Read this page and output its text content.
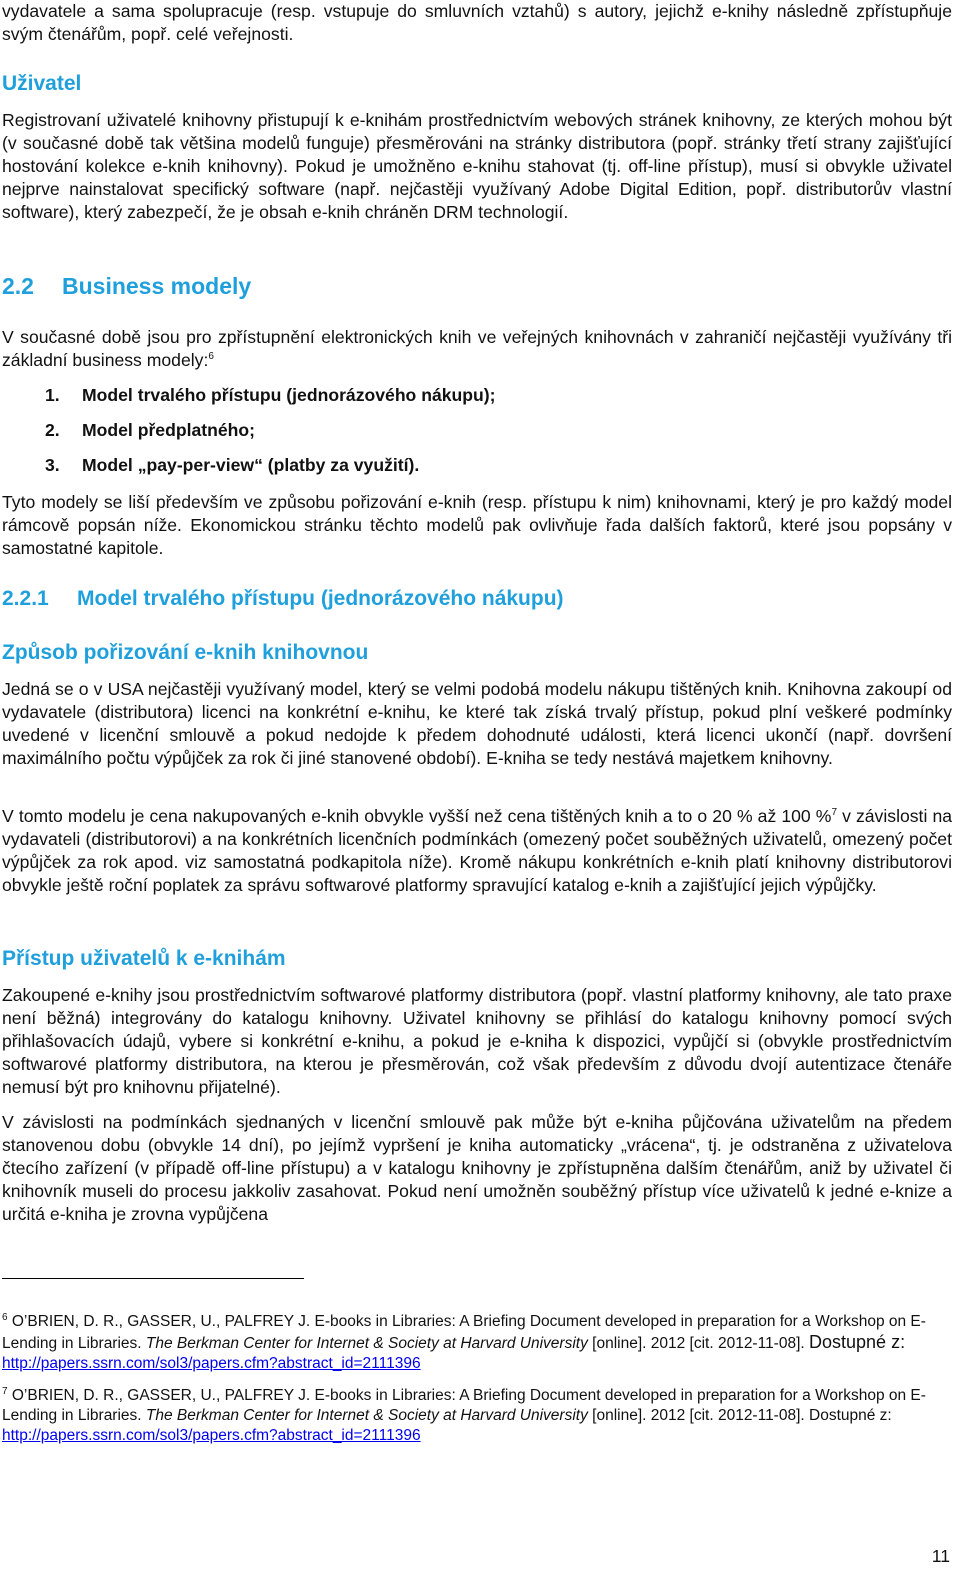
vydavatele a sama spolupracuje (resp. vstupuje do smluvních vztahů) s autory, jejichž e-knihy následně zpřístupňuje svým čtenářům, popř. celé veřejnosti.

Uživatel

Registrovaní uživatelé knihovny přistupují k e-knihám prostřednictvím webových stránek knihovny, ze kterých mohou být (v současné době tak většina modelů funguje) přesměrováni na stránky distributora (popř. stránky třetí strany zajišťující hostování kolekce e-knih knihovny). Pokud je umožněno e-knihu stahovat (tj. off-line přístup), musí si obvykle uživatel nejprve nainstalovat specifický software (např. nejčastěji využívaný Adobe Digital Edition, popř. distributorův vlastní software), který zabezpečí, že je obsah e-knih chráněn DRM technologií.

2.2 Business modely

V současné době jsou pro zpřístupnění elektronických knih ve veřejných knihovnách v zahraničí nejčastěji využívány tři základní business modely:$^6$

1. Model trvalého přístupu (jednorázového nákupu);
2. Model předplatného;
3. Model „pay-per-view“ (platby za využití).

Tyto modely se liší především ve způsobu pořizování e-knih (resp. přístupu k nim) knihovnami, který je pro každý model rámcově popsán níže. Ekonomickou stránku těchto modelů pak ovlivňuje řada dalších faktorů, které jsou popsány v samostatné kapitole.

2.2.1 Model trvalého přístupu (jednorázového nákupu)
Způsob pořizování e-knih knihovnou

Jedná se o v USA nejčastěji využívaný model, který se velmi podobá modelu nákupu tištěných knih. Knihovna zakoupí od vydavatele (distributora) licenci na konkrétní e-knihu, ke které tak získá trvalý přístup, pokud plní veškeré podmínky uvedené v licenční smlouvě a pokud nedojde k předem dohodnuté události, která licenci ukončí (např. dovršení maximálního počtu výpůjček za rok či jiné stanovené období). E-kniha se tedy nestává majetkem knihovny.

V tomto modelu je cena nakupovaných e-knih obvykle vyšší než cena tištěných knih a to o 20 % až 100 %$^7$ v závislosti na vydavateli (distributorovi) a na konkrétních licenčních podmínkách (omezený počet souběžných uživatelů, omezený počet výpůjček za rok apod. viz samostatná podkapitola níže). Kromě nákupu konkrétních e-knih platí knihovny distributorovi obvykle ještě roční poplatek za správu softwarové platformy spravující katalog e-knih a zajišťující jejich výpůjčky.

Přístup uživatelů k e-knihám

Zakoupené e-knihy jsou prostřednictvím softwarové platformy distributora (popř. vlastní platformy knihovny, ale tato praxe není běžná) integrovány do katalogu knihovny. Uživatel knihovny se přihlásí do katalogu knihovny pomocí svých přihlašovacích údajů, vybere si konkrétní e-knihu, a pokud je e-kniha k dispozici, vypůjčí si (obvykle prostřednictvím softwarové platformy distributora, na kterou je přesměrován, což však především z důvodu dvojí autentizace čtenáře nemusí být pro knihovnu přijatelné).

V závislosti na podmínkách sjednaných v licenční smlouvě pak může být e-kniha půjčována uživatelům na předem stanovenou dobu (obvykle 14 dní), po jejímž vypršení je kniha automaticky „vrácena“, tj. je odstraněna z uživatelova čtecího zařízení (v případě off-line přístupu) a v katalogu knihovny je zpřístupněna dalším čtenářům, aniž by uživatel či knihovník museli do procesu jakkoliv zasahovat. Pokud není umožněn souběžný přístup více uživatelů k jedné e-knize a určitá e-kniha je zrovna vypůjčena

$^6$ O’BRIEN, D. R., GASSER, U., PALFREY J. E-books in Libraries: A Briefing Document developed in preparation for a Workshop on E-Lending in Libraries. The Berkman Center for Internet & Society at Harvard University [online]. 2012 [cit. 2012-11-08]. Dostupné z: http://papers.ssrn.com/sol3/papers.cfm?abstract_id=2111396
$^7$ O’BRIEN, D. R., GASSER, U., PALFREY J. E-books in Libraries: A Briefing Document developed in preparation for a Workshop on E-Lending in Libraries. The Berkman Center for Internet & Society at Harvard University [online]. 2012 [cit. 2012-11-08]. Dostupné z: http://papers.ssrn.com/sol3/papers.cfm?abstract_id=2111396
11
